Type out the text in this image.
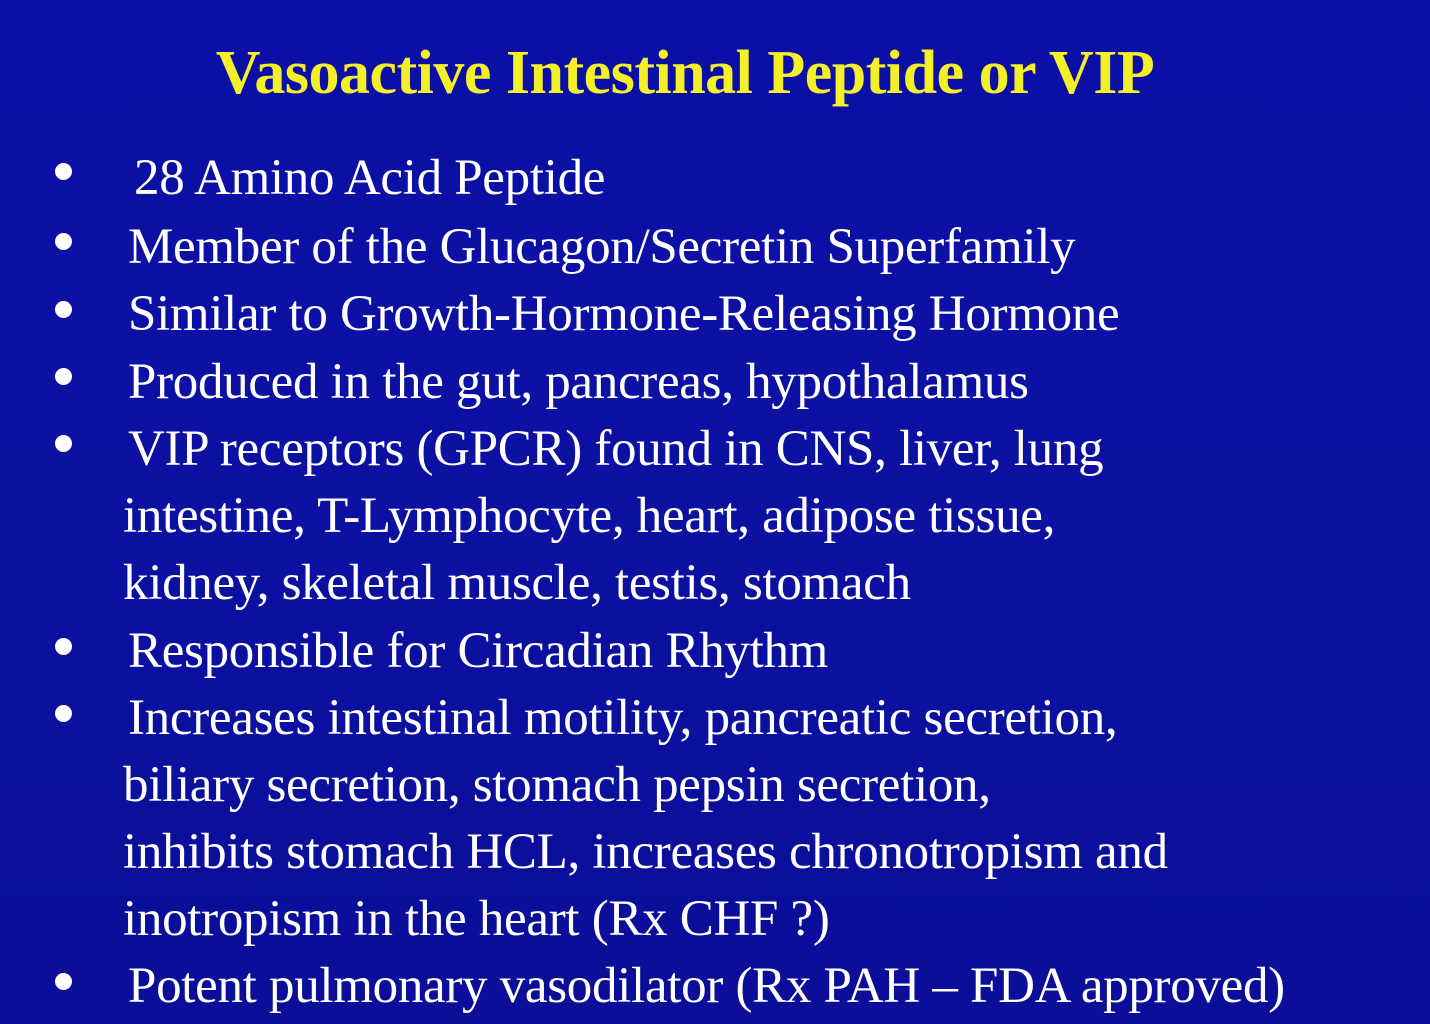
Vasoactive Intestinal Peptide or VIP
28 Amino Acid Peptide
Member of the Glucagon/Secretin Superfamily
Similar to Growth-Hormone-Releasing Hormone
Produced in the gut, pancreas, hypothalamus
VIP receptors (GPCR) found in CNS, liver, lung
intestine, T-Lymphocyte, heart, adipose tissue,
kidney, skeletal muscle, testis, stomach
Responsible for Circadian Rhythm
Increases intestinal motility, pancreatic secretion,
biliary secretion, stomach pepsin secretion,
inhibits stomach HCL, increases chronotropism and
inotropism in the heart (Rx CHF ?)
Potent pulmonary vasodilator (Rx PAH – FDA approved)
